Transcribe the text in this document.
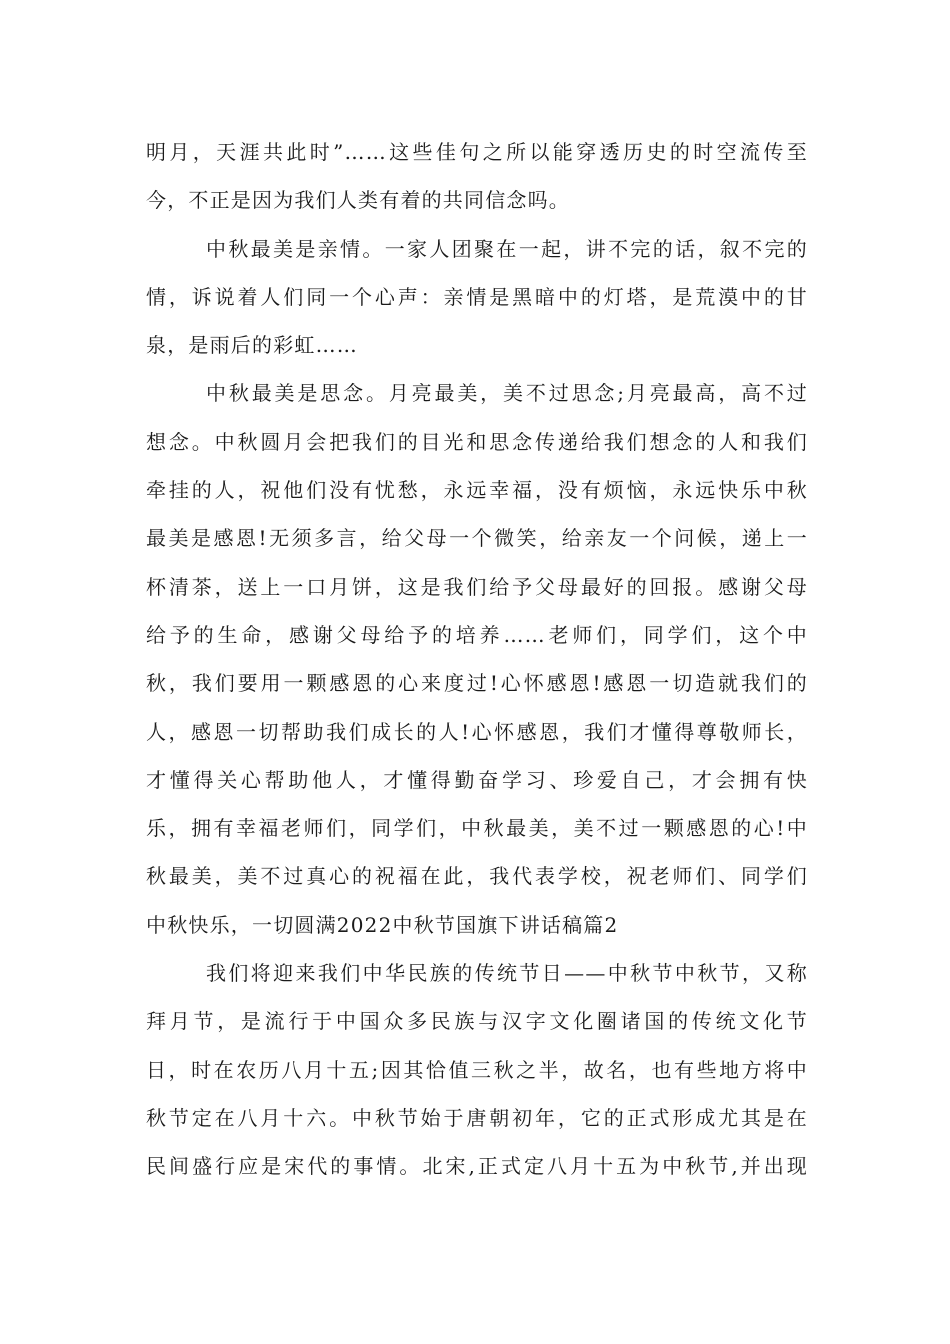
明月，天涯共此时”……这些佳句之所以能穿透历史的时空流传至
今，不正是因为我们人类有着的共同信念吗。
中秋最美是亲情。一家人团聚在一起，讲不完的话，叙不完的
情，诉说着人们同一个心声：亲情是黑暗中的灯塔，是荒漠中的甘
泉，是雨后的彩虹……
中秋最美是思念。月亮最美，美不过思念;月亮最高，高不过
想念。中秋圆月会把我们的目光和思念传递给我们想念的人和我们
牵挂的人，祝他们没有忧愁，永远幸福，没有烦恼，永远快乐中秋
最美是感恩!无须多言，给父母一个微笑，给亲友一个问候，递上一
杯清茶，送上一口月饼，这是我们给予父母最好的回报。感谢父母
给予的生命，感谢父母给予的培养……老师们，同学们，这个中
秋，我们要用一颗感恩的心来度过!心怀感恩!感恩一切造就我们的
人，感恩一切帮助我们成长的人!心怀感恩，我们才懂得尊敬师长，
才懂得关心帮助他人，才懂得勤奋学习、珍爱自己，才会拥有快
乐，拥有幸福老师们，同学们，中秋最美，美不过一颗感恩的心!中
秋最美，美不过真心的祝福在此，我代表学校，祝老师们、同学们
中秋快乐，一切圆满2022中秋节国旗下讲话稿篇2
我们将迎来我们中华民族的传统节日——中秋节中秋节，又称
拜月节，是流行于中国众多民族与汉字文化圈诸国的传统文化节
日，时在农历八月十五;因其恰值三秋之半，故名，也有些地方将中
秋节定在八月十六。中秋节始于唐朝初年，它的正式形成尤其是在
民间盛行应是宋代的事情。北宋,正式定八月十五为中秋节,并出现
